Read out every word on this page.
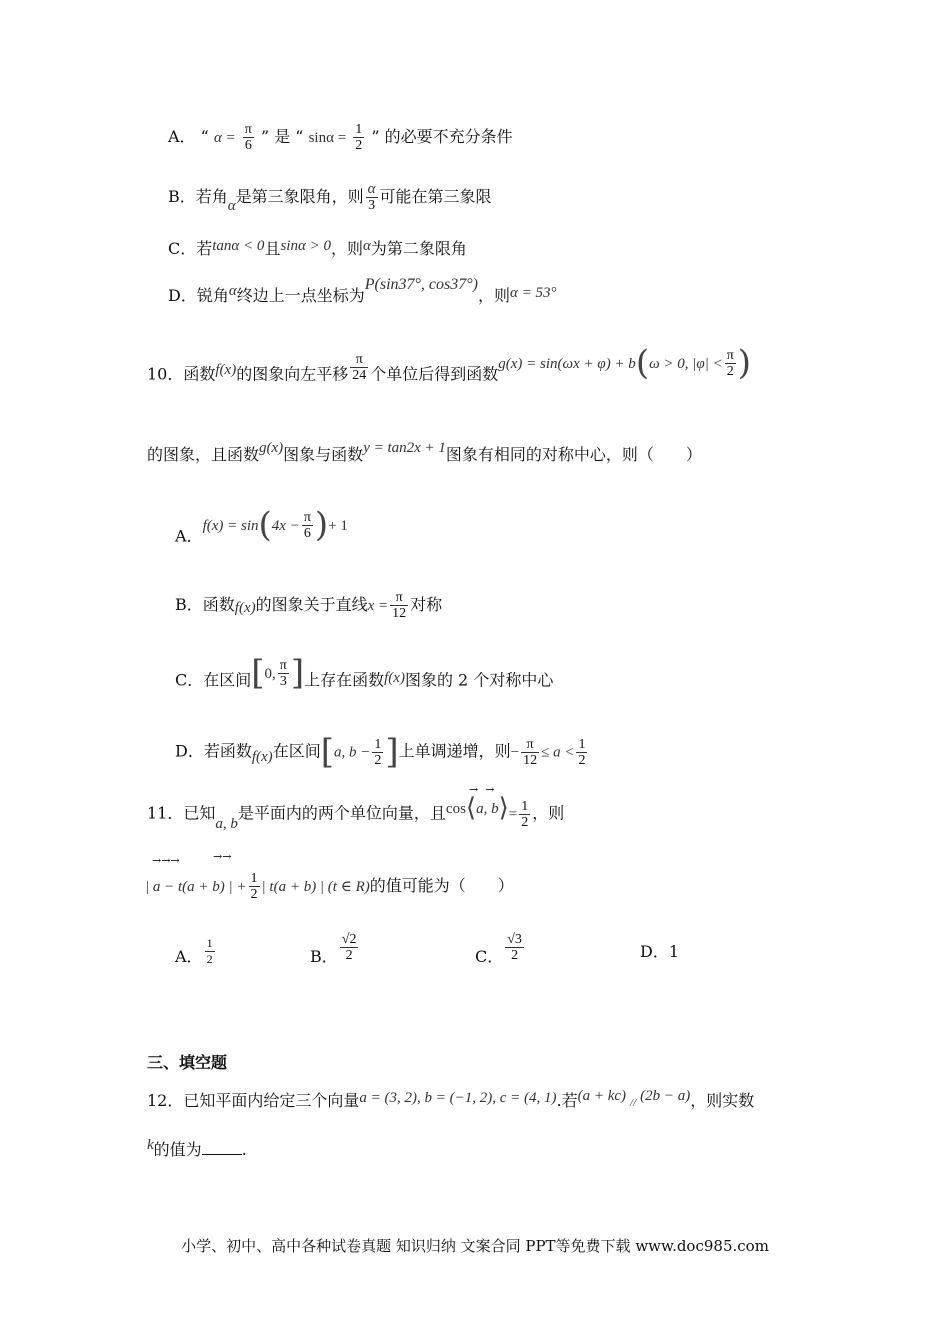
A． “ $\alpha = \frac{\pi}{6}$ ” 是 “ $\sin\alpha = \frac{1}{2}$ ” 的必要不充分条件
B．若角α是第三象限角，则 $\frac{\alpha}{3}$ 可能在第三象限
C．若tanα < 0且sinα > 0，则α为第二象限角
D．锐角α终边上一点坐标为P(sin37°, cos37°)，则α = 53°
10．函数f(x)的图象向左平移 $\frac{\pi}{24}$ 个单位后得到函数g(x) = sin(ωx + φ) + b(ω > 0, $|\varphi| < \frac{\pi}{2}$ )
的图象，且函数g(x)图象与函数y = tan2x + 1图象有相同的对称中心，则（　　）
A．$f(x) = \sin(4x - \frac{\pi}{6}$ )+ 1
B．函数f(x)的图象关于直线$x = \frac{\pi}{12}$ 对称
C．在区间[0, $\frac{\pi}{3}$ ]上存在函数f(x)图象的 2 个对称中心
D．若函数f(x)在区间[a, $b - \frac{1}{2}$ ]上单调递增，则− $\frac{\pi}{12} \le a < \frac{1}{2}$
11．已知a, b是平面内的两个单位向量，且cos⟨a, b⟩= $\frac{1}{2}$ ，则
→  →
| a − t(a + b) | + $\frac{1}{2}$ | t(a + b) | (t ∈ R)的值可能为（　　）
→→→	→→
A． $\frac{1}{2}$	B． $\frac{√2}{2}$	C． $\frac{√3}{2}$	D．1
三、填空题
12．已知平面内给定三个向量a = (3, 2), b = (−1, 2), c = (4, 1).若(a + kc) // (2b − a)，则实数
k的值为	.
小学、初中、高中各种试卷真题 知识归纳 文案合同 PPT等免费下载 www.doc985.com
